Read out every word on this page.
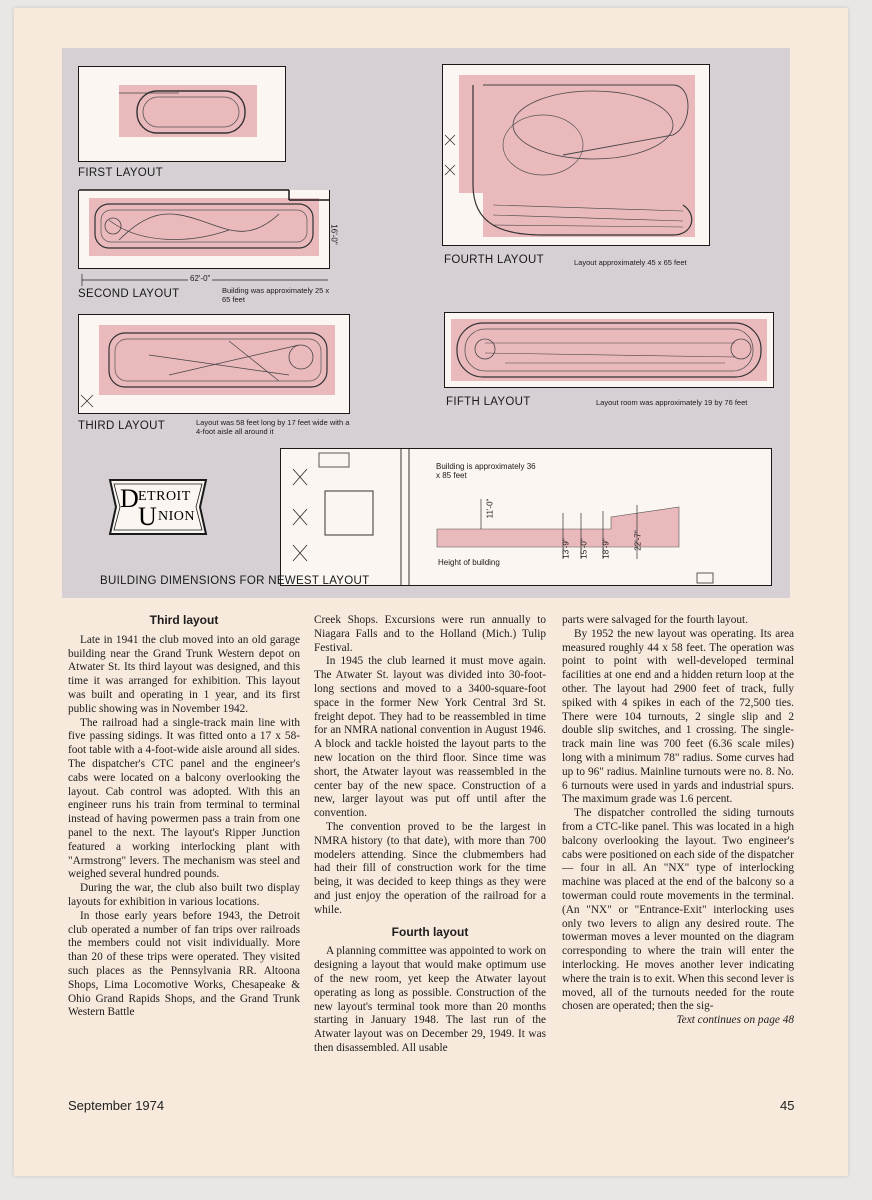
FIRST LAYOUT
62'-0"
16'-0"
SECOND LAYOUT	Building was approximately 25 x 65 feet
THIRD LAYOUT	Layout was 58 feet long by 17 feet wide with a 4-foot aisle all around it
FOURTH LAYOUT	Layout approximately 45 x 65 feet
FIFTH LAYOUT	Layout room was approximately 19 by 76 feet
Building is approximately 36 x 85 feet
11'-0"
13'-9" 15'-0" 18'-9"	22'-7"
Height of building
D ETROIT
U NION
BUILDING DIMENSIONS FOR NEWEST LAYOUT
Third layout

Late in 1941 the club moved into an old garage building near the Grand Trunk Western depot on Atwater St. Its third layout was designed, and this time it was arranged for exhibition. This layout was built and operating in 1 year, and its first public showing was in November 1942.

The railroad had a single-track main line with five passing sidings. It was fitted onto a 17 x 58-foot table with a 4-foot-wide aisle around all sides. The dispatcher's CTC panel and the engineer's cabs were located on a balcony overlooking the layout. Cab control was adopted. With this an engineer runs his train from terminal to terminal instead of having powermen pass a train from one panel to the next. The layout's Ripper Junction featured a working interlocking plant with "Armstrong" levers. The mechanism was steel and weighed several hundred pounds.

During the war, the club also built two display layouts for exhibition in various locations.

In those early years before 1943, the Detroit club operated a number of fan trips over railroads the members could not visit individually. More than 20 of these trips were operated. They visited such places as the Pennsylvania RR. Altoona Shops, Lima Locomotive Works, Chesapeake & Ohio Grand Rapids Shops, and the Grand Trunk Western Battle

Creek Shops. Excursions were run annually to Niagara Falls and to the Holland (Mich.) Tulip Festival.

In 1945 the club learned it must move again. The Atwater St. layout was divided into 30-foot-long sections and moved to a 3400-square-foot space in the former New York Central 3rd St. freight depot. They had to be reassembled in time for an NMRA national convention in August 1946. A block and tackle hoisted the layout parts to the new location on the third floor. Since time was short, the Atwater layout was reassembled in the center bay of the new space. Construction of a new, larger layout was put off until after the convention.

The convention proved to be the largest in NMRA history (to that date), with more than 700 modelers attending. Since the clubmembers had had their fill of construction work for the time being, it was decided to keep things as they were and just enjoy the operation of the railroad for a while.

Fourth layout

A planning committee was appointed to work on designing a layout that would make optimum use of the new room, yet keep the Atwater layout operating as long as possible. Construction of the new layout's terminal took more than 20 months starting in January 1948. The last run of the Atwater layout was on December 29, 1949. It was then disassembled. All usable

parts were salvaged for the fourth layout.

By 1952 the new layout was operating. Its area measured roughly 44 x 58 feet. The operation was point to point with well-developed terminal facilities at one end and a hidden return loop at the other. The layout had 2900 feet of track, fully spiked with 4 spikes in each of the 72,500 ties. There were 104 turnouts, 2 single slip and 2 double slip switches, and 1 crossing. The single-track main line was 700 feet (6.36 scale miles) long with a minimum 78" radius. Some curves had up to 96" radius. Mainline turnouts were no. 8. No. 6 turnouts were used in yards and industrial spurs. The maximum grade was 1.6 percent.

The dispatcher controlled the siding turnouts from a CTC-like panel. This was located in a high balcony overlooking the layout. Two engineer's cabs were positioned on each side of the dispatcher — four in all. An "NX" type of interlocking machine was placed at the end of the balcony so a towerman could route movements in the terminal. (An "NX" or "Entrance-Exit" interlocking uses only two levers to align any desired route. The towerman moves a lever mounted on the diagram corresponding to where the train will enter the interlocking. He moves another lever indicating where the train is to exit. When this second lever is moved, all of the turnouts needed for the route chosen are operated; then the sig-

Text continues on page 48

September 1974	45
